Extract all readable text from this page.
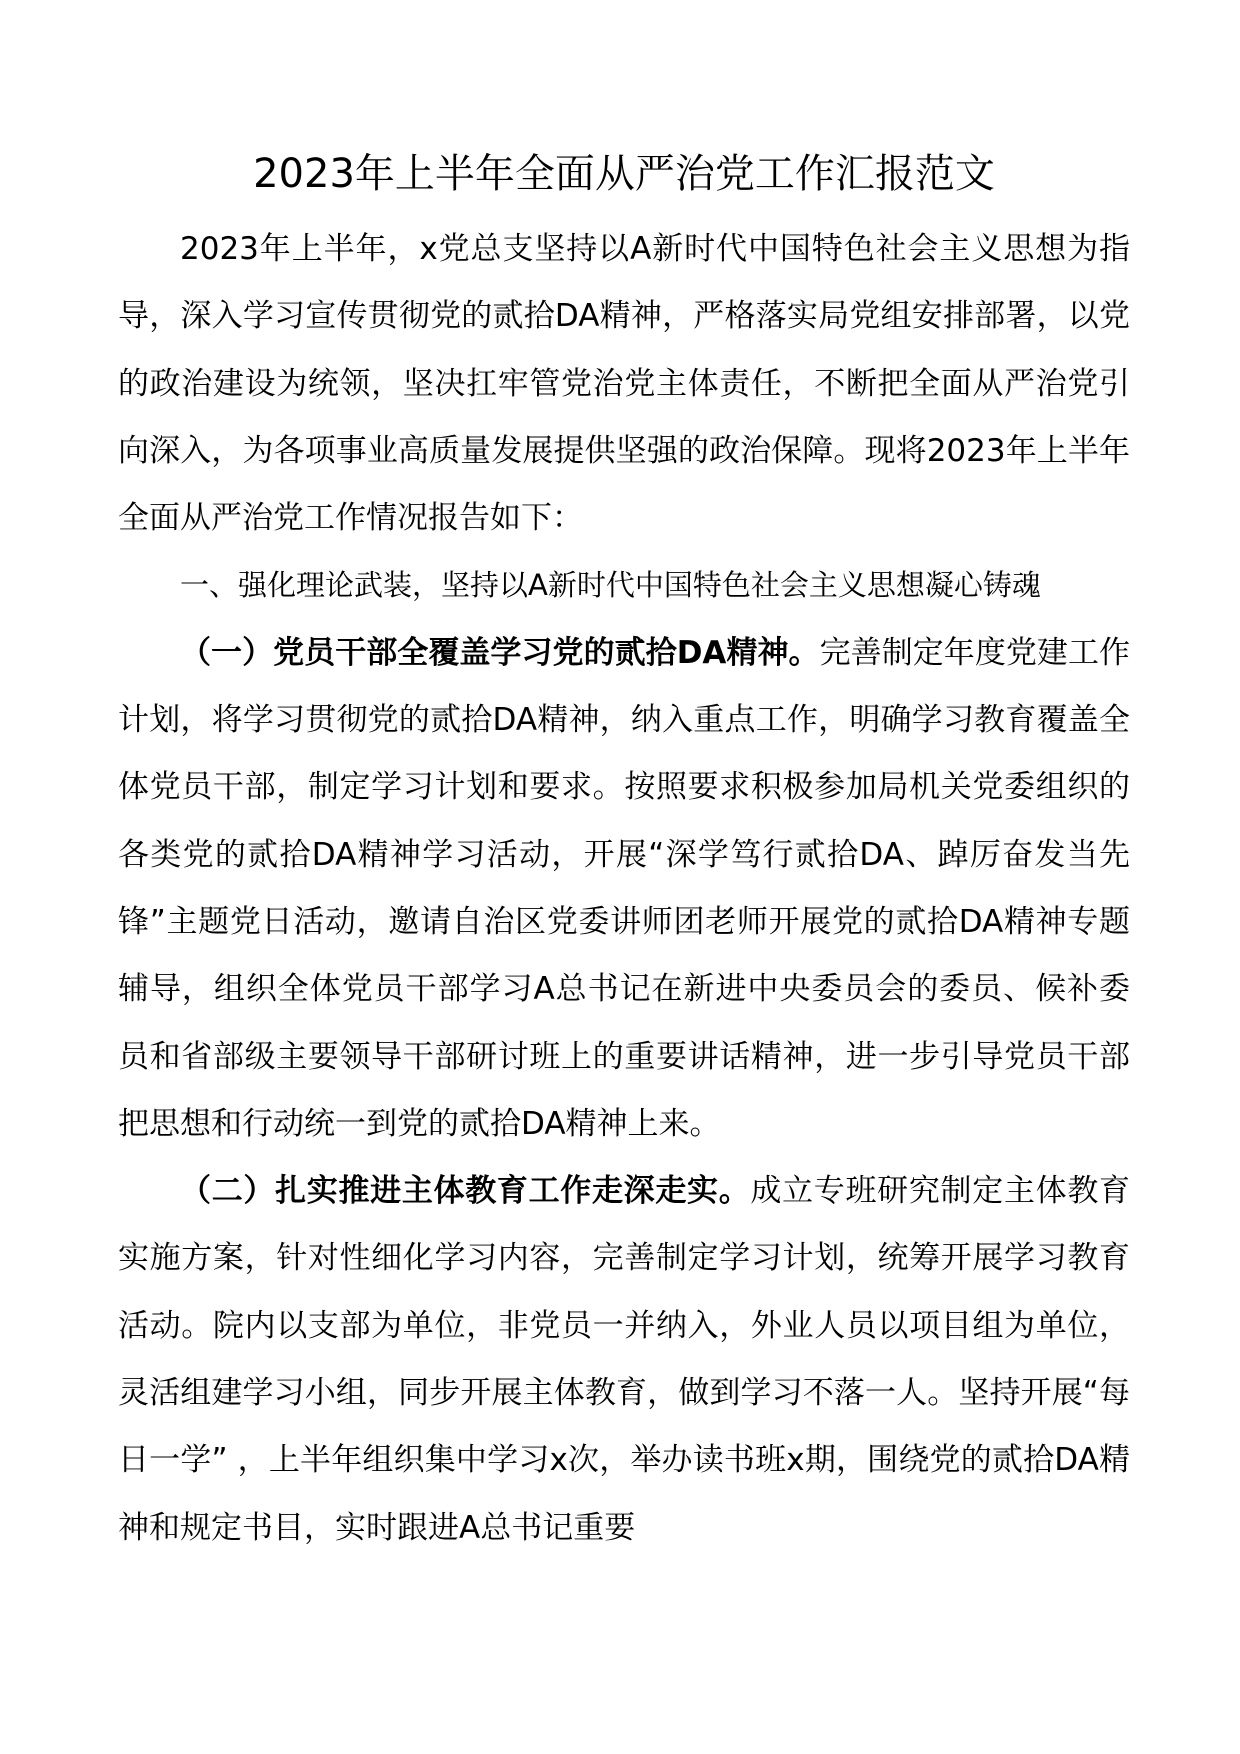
2023年上半年全面从严治党工作汇报范文

2023年上半年，x党总支坚持以A新时代中国特色社会主义思想为指导，深入学习宣传贯彻党的贰拾DA精神，严格落实局党组安排部署，以党的政治建设为统领，坚决扛牢管党治党主体责任，不断把全面从严治党引向深入，为各项事业高质量发展提供坚强的政治保障。现将2023年上半年全面从严治党工作情况报告如下：

一、强化理论武装，坚持以A新时代中国特色社会主义思想凝心铸魂

（一）党员干部全覆盖学习党的贰拾DA精神。完善制定年度党建工作计划，将学习贯彻党的贰拾DA精神，纳入重点工作，明确学习教育覆盖全体党员干部，制定学习计划和要求。按照要求积极参加局机关党委组织的各类党的贰拾DA精神学习活动，开展“深学笃行贰拾DA、踔厉奋发当先锋”主题党日活动，邀请自治区党委讲师团老师开展党的贰拾DA精神专题辅导，组织全体党员干部学习A总书记在新进中央委员会的委员、候补委员和省部级主要领导干部研讨班上的重要讲话精神，进一步引导党员干部把思想和行动统一到党的贰拾DA精神上来。

（二）扎实推进主体教育工作走深走实。成立专班研究制定主体教育实施方案，针对性细化学习内容，完善制定学习计划，统筹开展学习教育活动。院内以支部为单位，非党员一并纳入，外业人员以项目组为单位，灵活组建学习小组，同步开展主体教育，做到学习不落一人。坚持开展“每日一学” ，上半年组织集中学习x次，举办读书班x期，围绕党的贰拾DA精神和规定书目，实时跟进A总书记重要
